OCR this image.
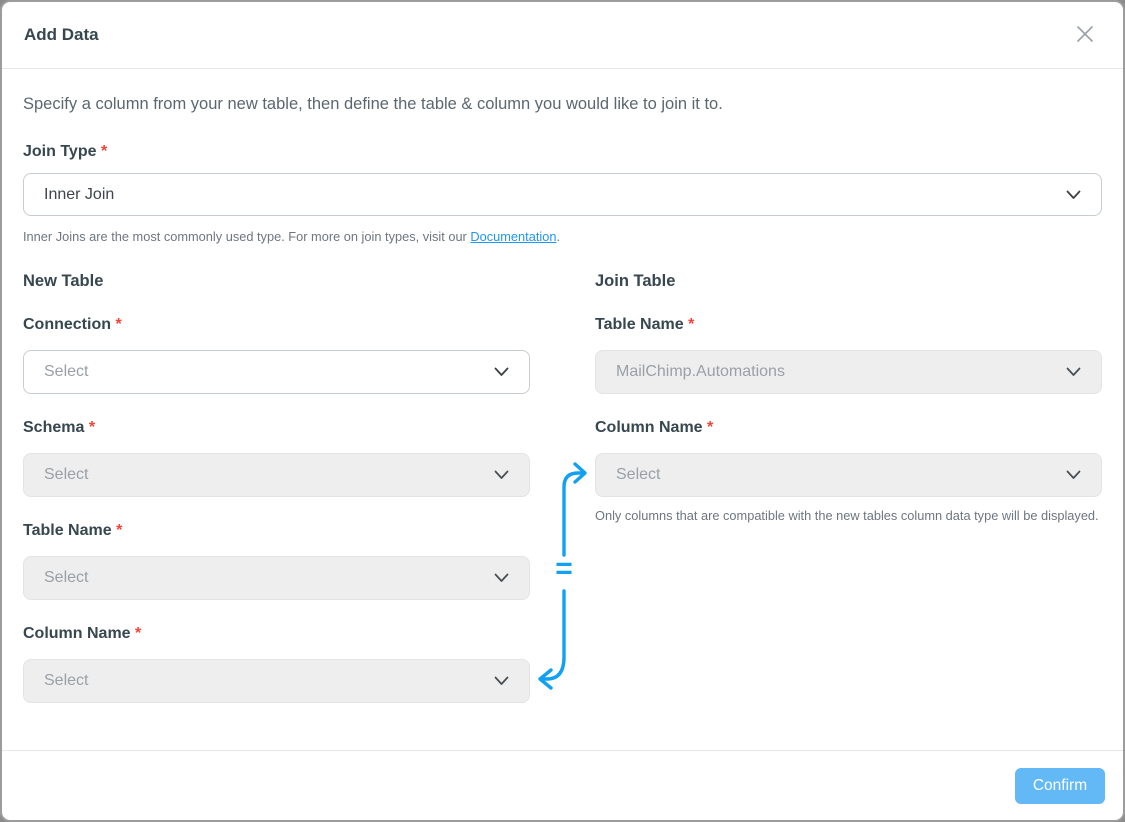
Add Data

Specify a column from your new table, then define the table & column you would like to join it to.

Join Type *
Inner Join

Inner Joins are the most commonly used type. For more on join types, visit our Documentation.

New Table
Connection *
Select
Schema *
Select
Table Name *
Select
Column Name *
Select
=
Join Table
Table Name *
MailChimp.Automations
Column Name *
Select

Only columns that are compatible with the new tables column data type will be displayed.

Confirm
